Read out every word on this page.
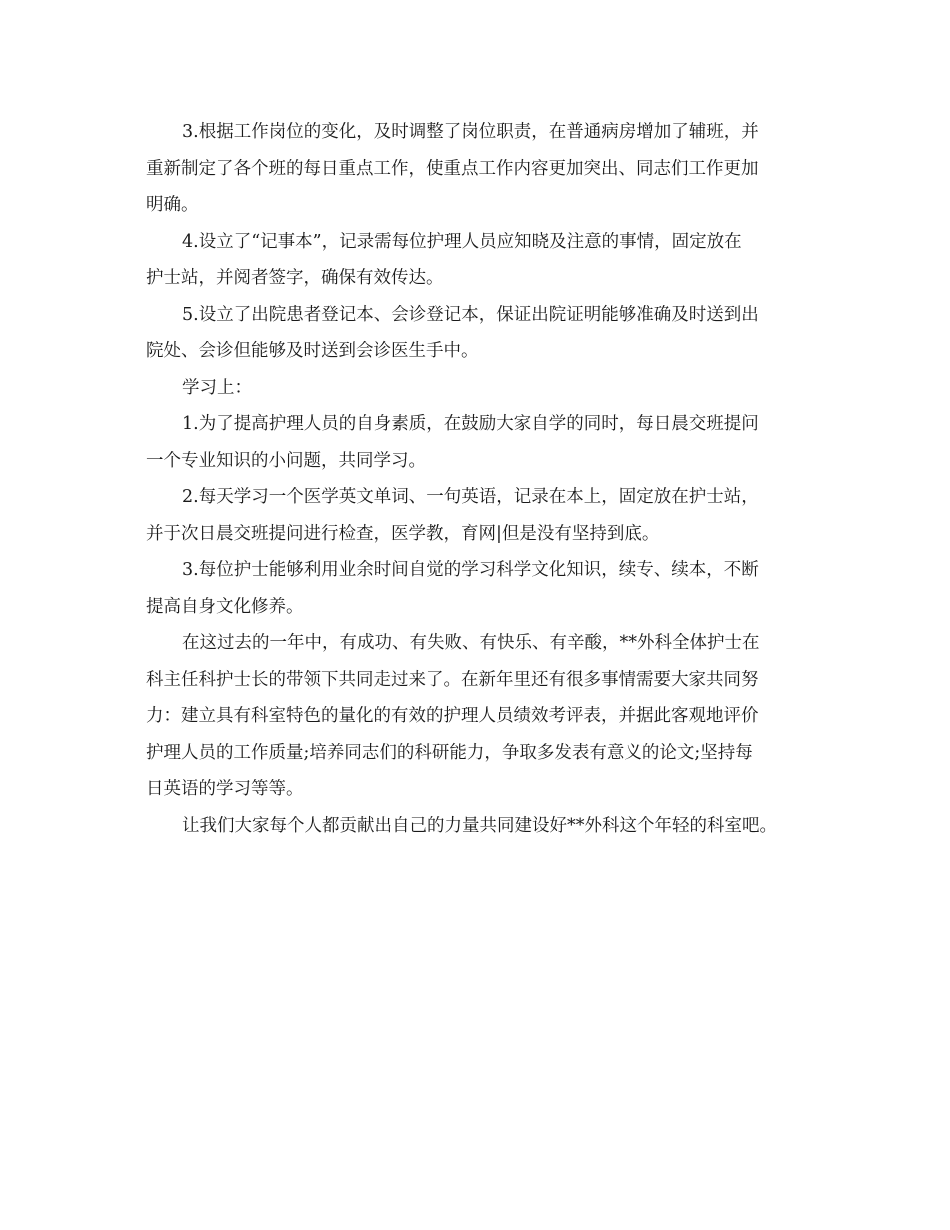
3.根据工作岗位的变化，及时调整了岗位职责，在普通病房增加了辅班，并
重新制定了各个班的每日重点工作，使重点工作内容更加突出、同志们工作更加
明确。
4.设立了“记事本”，记录需每位护理人员应知晓及注意的事情，固定放在
护士站，并阅者签字，确保有效传达。
5.设立了出院患者登记本、会诊登记本，保证出院证明能够准确及时送到出
院处、会诊但能够及时送到会诊医生手中。
学习上：
1.为了提高护理人员的自身素质，在鼓励大家自学的同时，每日晨交班提问
一个专业知识的小问题，共同学习。
2.每天学习一个医学英文单词、一句英语，记录在本上，固定放在护士站，
并于次日晨交班提问进行检查，医学教，育网|但是没有坚持到底。
3.每位护士能够利用业余时间自觉的学习科学文化知识，续专、续本，不断
提高自身文化修养。
在这过去的一年中，有成功、有失败、有快乐、有辛酸，**外科全体护士在
科主任科护士长的带领下共同走过来了。在新年里还有很多事情需要大家共同努
力：建立具有科室特色的量化的有效的护理人员绩效考评表，并据此客观地评价
护理人员的工作质量;培养同志们的科研能力，争取多发表有意义的论文;坚持每
日英语的学习等等。
让我们大家每个人都贡献出自己的力量共同建设好**外科这个年轻的科室吧。
